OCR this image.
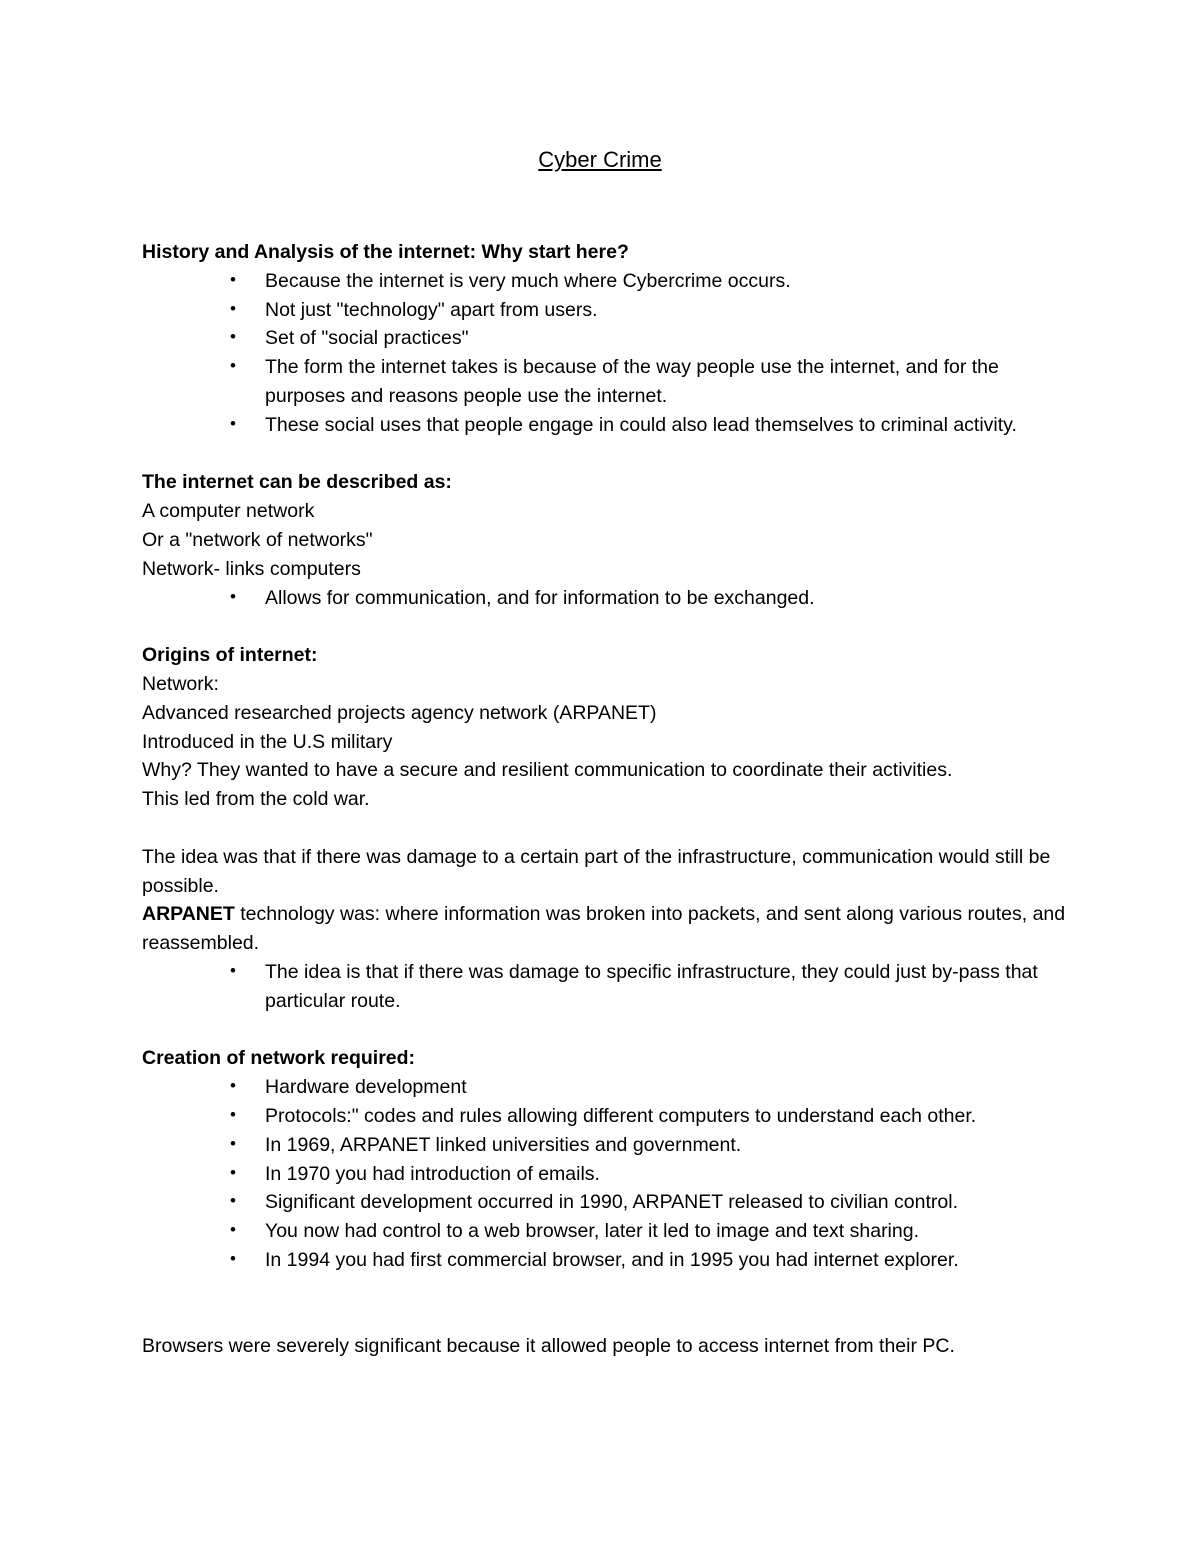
Cyber Crime

History and Analysis of the internet: Why start here?

• Because the internet is very much where Cybercrime occurs.
• Not just "technology" apart from users.
• Set of "social practices"
• The form the internet takes is because of the way people use the internet, and for the purposes and reasons people use the internet.
• These social uses that people engage in could also lead themselves to criminal activity.

The internet can be described as:

A computer network

Or a "network of networks"

Network- links computers

• Allows for communication, and for information to be exchanged.

Origins of internet:

Network:

Advanced researched projects agency network (ARPANET)

Introduced in the U.S military

Why? They wanted to have a secure and resilient communication to coordinate their activities.

This led from the cold war.

The idea was that if there was damage to a certain part of the infrastructure, communication would still be possible.

ARPANET technology was: where information was broken into packets, and sent along various routes, and reassembled.

• The idea is that if there was damage to specific infrastructure, they could just by-pass that particular route.

Creation of network required:

• Hardware development
• Protocols:" codes and rules allowing different computers to understand each other.
• In 1969, ARPANET linked universities and government.
• In 1970 you had introduction of emails.
• Significant development occurred in 1990, ARPANET released to civilian control.
• You now had control to a web browser, later it led to image and text sharing.
• In 1994 you had first commercial browser, and in 1995 you had internet explorer.

Browsers were severely significant because it allowed people to access internet from their PC.
